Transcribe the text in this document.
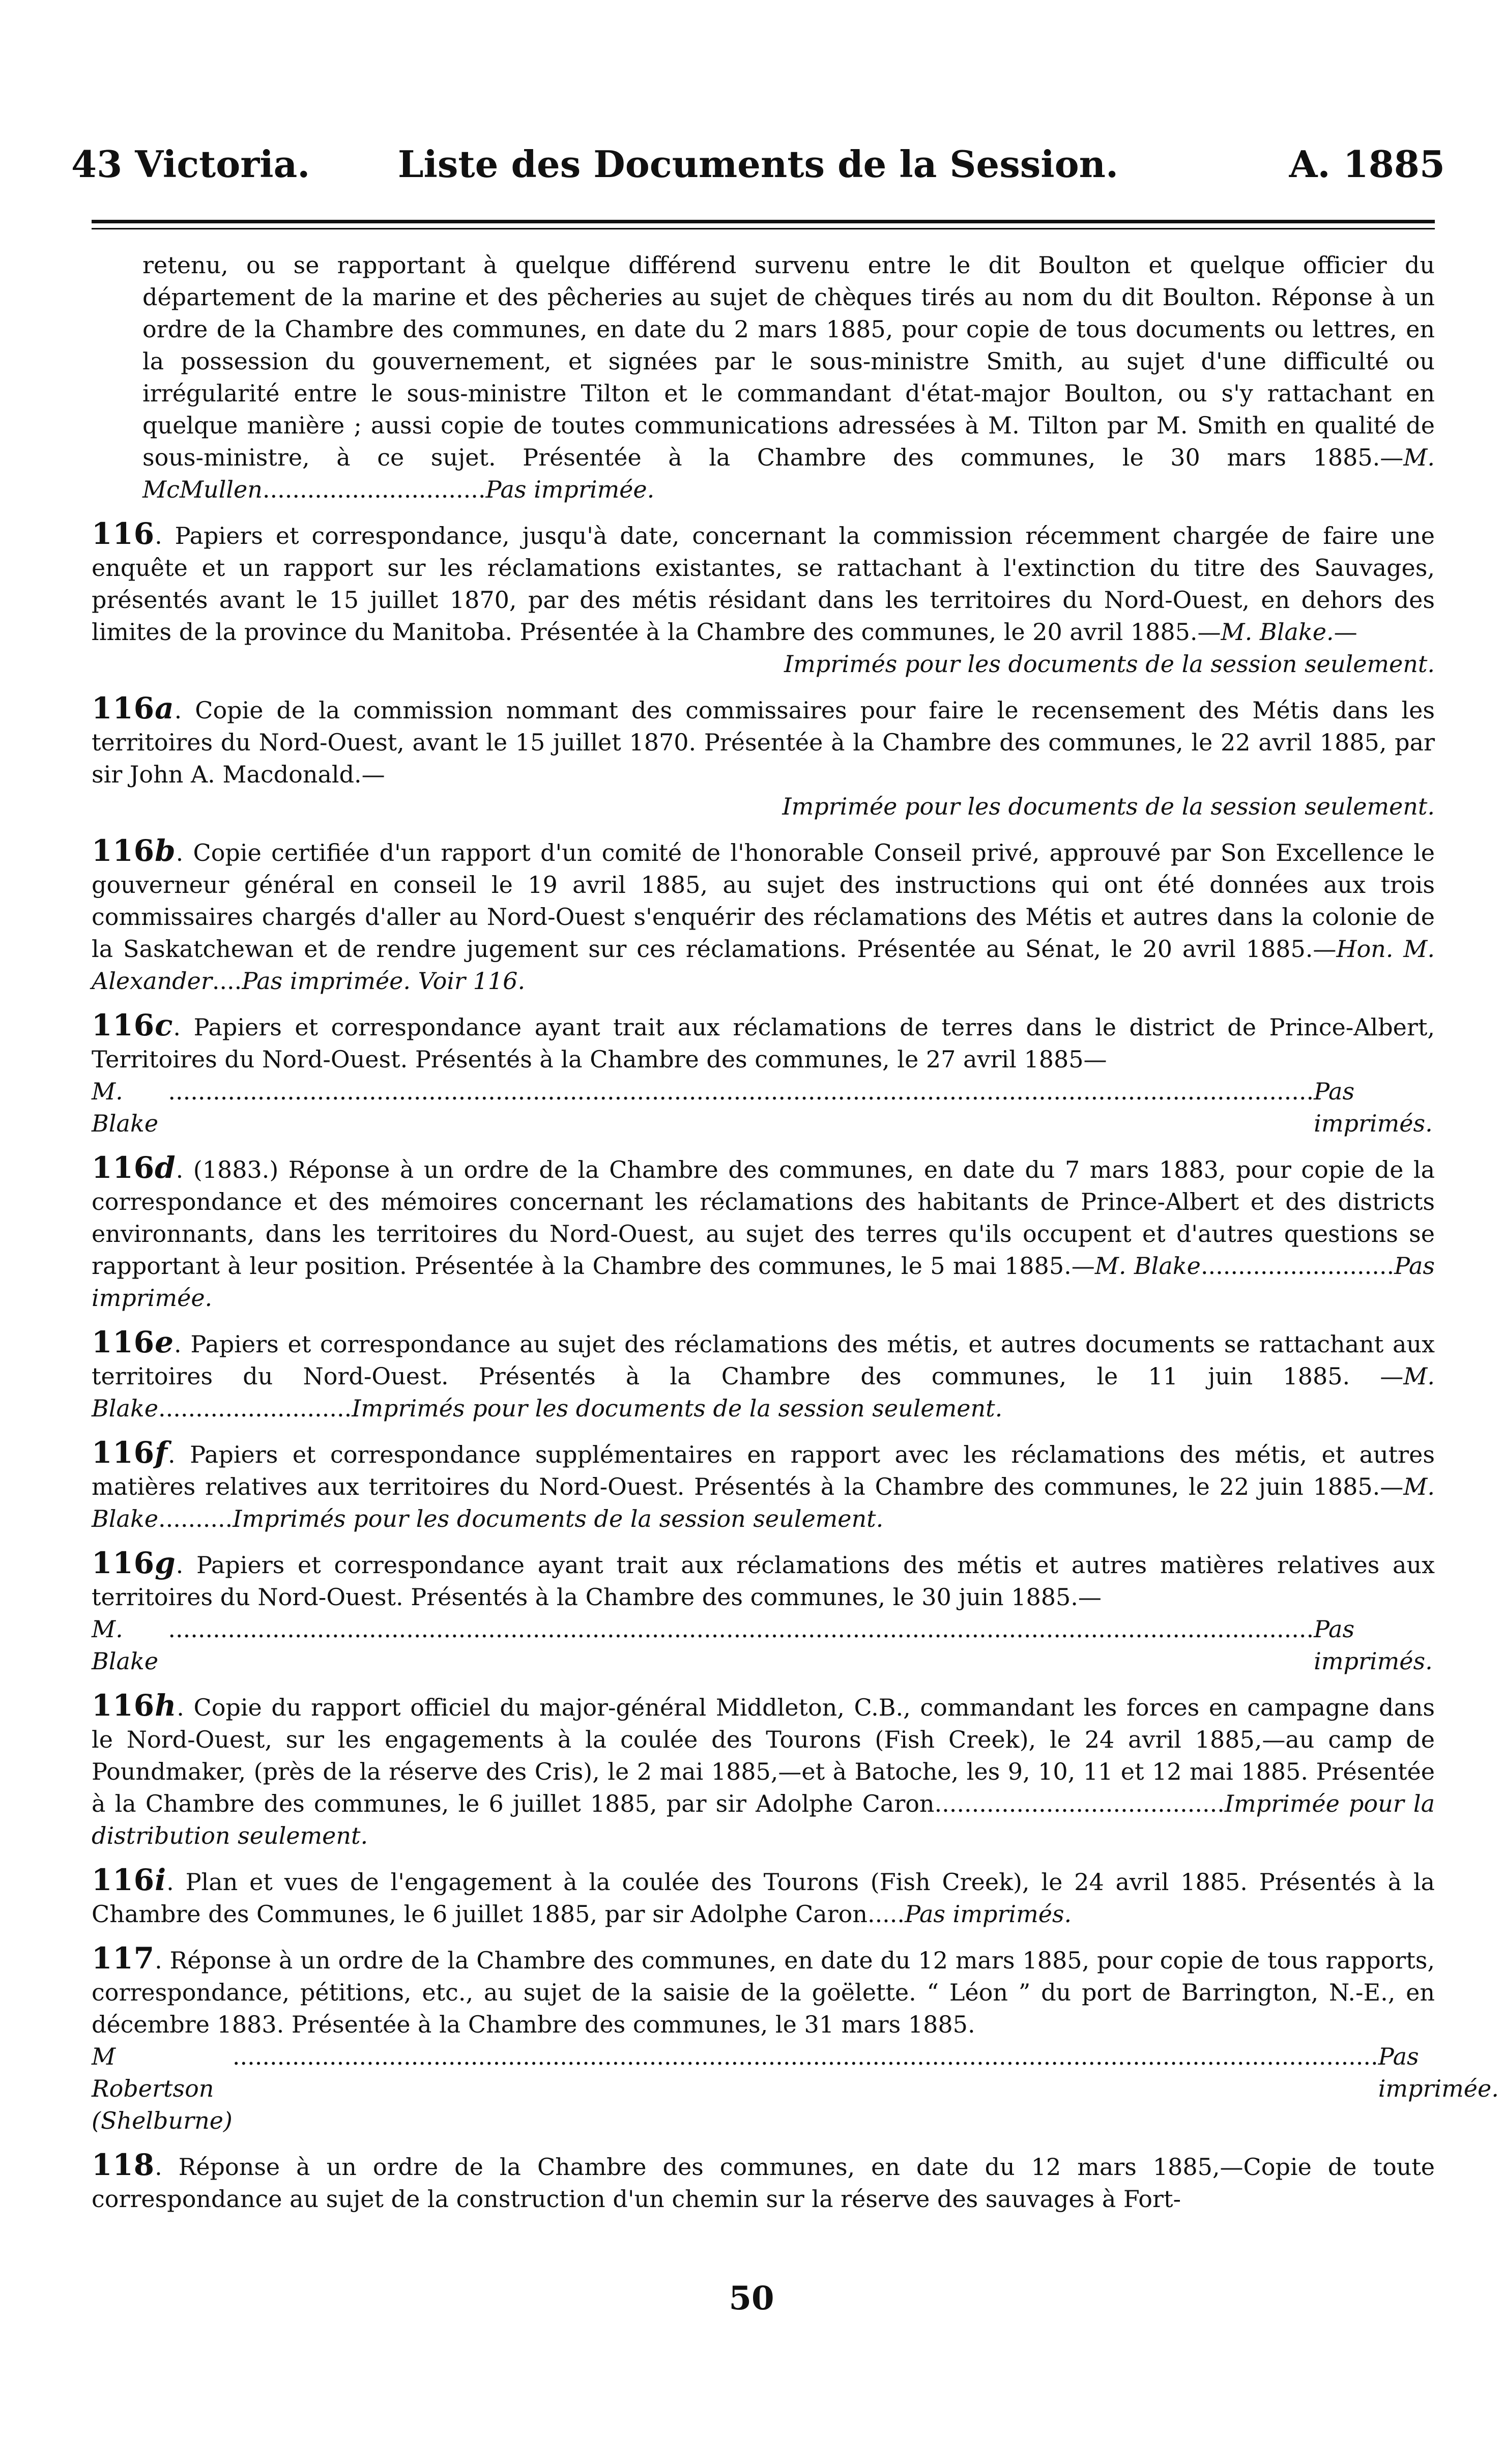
43 Victoria.	Liste des Documents de la Session.	A. 1885
retenu, ou se rapportant à quelque différend survenu entre le dit Boulton et quelque officier du département de la marine et des pêcheries au sujet de chèques tirés au nom du dit Boulton. Réponse à un ordre de la Chambre des communes, en date du 2 mars 1885, pour copie de tous documents ou lettres, en la possession du gouvernement, et signées par le sous-ministre Smith, au sujet d'une difficulté ou irrégularité entre le sous-ministre Tilton et le commandant d'état-major Boulton, ou s'y rattachant en quelque manière ; aussi copie de toutes communications adressées à M. Tilton par M. Smith en qualité de sous-ministre, à ce sujet. Présentée à la Chambre des communes, le 30 mars 1885.—M. McMullen..............................Pas imprimée.
116. Papiers et correspondance, jusqu'à date, concernant la commission récemment chargée de faire une enquête et un rapport sur les réclamations existantes, se rattachant à l'extinction du titre des Sauvages, présentés avant le 15 juillet 1870, par des métis résidant dans les territoires du Nord-Ouest, en dehors des limites de la province du Manitoba. Présentée à la Chambre des communes, le 20 avril 1885.—M. Blake.—
Imprimés pour les documents de la session seulement.
116a. Copie de la commission nommant des commissaires pour faire le recensement des Métis dans les territoires du Nord-Ouest, avant le 15 juillet 1870. Présentée à la Chambre des communes, le 22 avril 1885, par sir John A. Macdonald.—
Imprimée pour les documents de la session seulement.
116b. Copie certifiée d'un rapport d'un comité de l'honorable Conseil privé, approuvé par Son Excellence le gouverneur général en conseil le 19 avril 1885, au sujet des instructions qui ont été données aux trois commissaires chargés d'aller au Nord-Ouest s'enquérir des réclamations des Métis et autres dans la colonie de la Saskatchewan et de rendre jugement sur ces réclamations. Présentée au Sénat, le 20 avril 1885.—Hon. M. Alexander....Pas imprimée. Voir 116.
116c. Papiers et correspondance ayant trait aux réclamations de terres dans le district de Prince-Albert, Territoires du Nord-Ouest. Présentés à la Chambre des communes, le 27 avril 1885—
M. Blake
.......................................................................................................................................................... Pas imprimés.
116d. (1883.) Réponse à un ordre de la Chambre des communes, en date du 7 mars 1883, pour copie de la correspondance et des mémoires concernant les réclamations des habitants de Prince-Albert et des districts environnants, dans les territoires du Nord-Ouest, au sujet des terres qu'ils occupent et d'autres questions se rapportant à leur position. Présentée à la Chambre des communes, le 5 mai 1885.—M. Blake..........................Pas imprimée.
116e. Papiers et correspondance au sujet des réclamations des métis, et autres documents se rattachant aux territoires du Nord-Ouest. Présentés à la Chambre des communes, le 11 juin 1885. —M. Blake..........................Imprimés pour les documents de la session seulement.
116f. Papiers et correspondance supplémentaires en rapport avec les réclamations des métis, et autres matières relatives aux territoires du Nord-Ouest. Présentés à la Chambre des communes, le 22 juin 1885.—M. Blake..........Imprimés pour les documents de la session seulement.
116g. Papiers et correspondance ayant trait aux réclamations des métis et autres matières relatives aux territoires du Nord-Ouest. Présentés à la Chambre des communes, le 30 juin 1885.—
M. Blake
.......................................................................................................................................................... Pas imprimés.
116h. Copie du rapport officiel du major-général Middleton, C.B., commandant les forces en campagne dans le Nord-Ouest, sur les engagements à la coulée des Tourons (Fish Creek), le 24 avril 1885,—au camp de Poundmaker, (près de la réserve des Cris), le 2 mai 1885,—et à Batoche, les 9, 10, 11 et 12 mai 1885. Présentée à la Chambre des communes, le 6 juillet 1885, par sir Adolphe Caron.......................................Imprimée pour la distribution seulement.
116i. Plan et vues de l'engagement à la coulée des Tourons (Fish Creek), le 24 avril 1885. Présentés à la Chambre des Communes, le 6 juillet 1885, par sir Adolphe Caron.....Pas imprimés.
117. Réponse à un ordre de la Chambre des communes, en date du 12 mars 1885, pour copie de tous rapports, correspondance, pétitions, etc., au sujet de la saisie de la goëlette. “ Léon ” du port de Barrington, N.-E., en décembre 1883. Présentée à la Chambre des communes, le 31 mars 1885.
M Robertson (Shelburne)
.......................................................................................................................................................... Pas imprimée.
118. Réponse à un ordre de la Chambre des communes, en date du 12 mars 1885,—Copie de toute correspondance au sujet de la construction d'un chemin sur la réserve des sauvages à Fort-
50
